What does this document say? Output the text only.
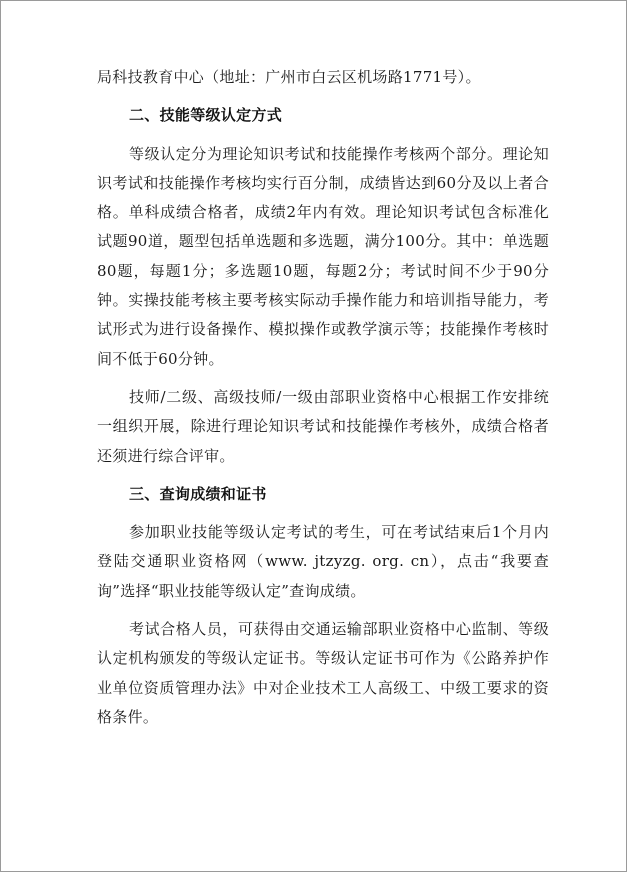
局科技教育中心（地址：广州市白云区机场路1771号）。

二、技能等级认定方式

等级认定分为理论知识考试和技能操作考核两个部分。理论知识考试和技能操作考核均实行百分制，成绩皆达到60分及以上者合格。单科成绩合格者，成绩2年内有效。理论知识考试包含标准化试题90道，题型包括单选题和多选题，满分100分。其中：单选题80题，每题1分；多选题10题，每题2分；考试时间不少于90分钟。实操技能考核主要考核实际动手操作能力和培训指导能力，考试形式为进行设备操作、模拟操作或教学演示等；技能操作考核时间不低于60分钟。

技师/二级、高级技师/一级由部职业资格中心根据工作安排统一组织开展，除进行理论知识考试和技能操作考核外，成绩合格者还须进行综合评审。

三、查询成绩和证书

参加职业技能等级认定考试的考生，可在考试结束后1个月内登陆交通职业资格网（www. jtzyzg. org. cn），点击“我要查询”选择“职业技能等级认定”查询成绩。

考试合格人员，可获得由交通运输部职业资格中心监制、等级认定机构颁发的等级认定证书。等级认定证书可作为《公路养护作业单位资质管理办法》中对企业技术工人高级工、中级工要求的资格条件。
